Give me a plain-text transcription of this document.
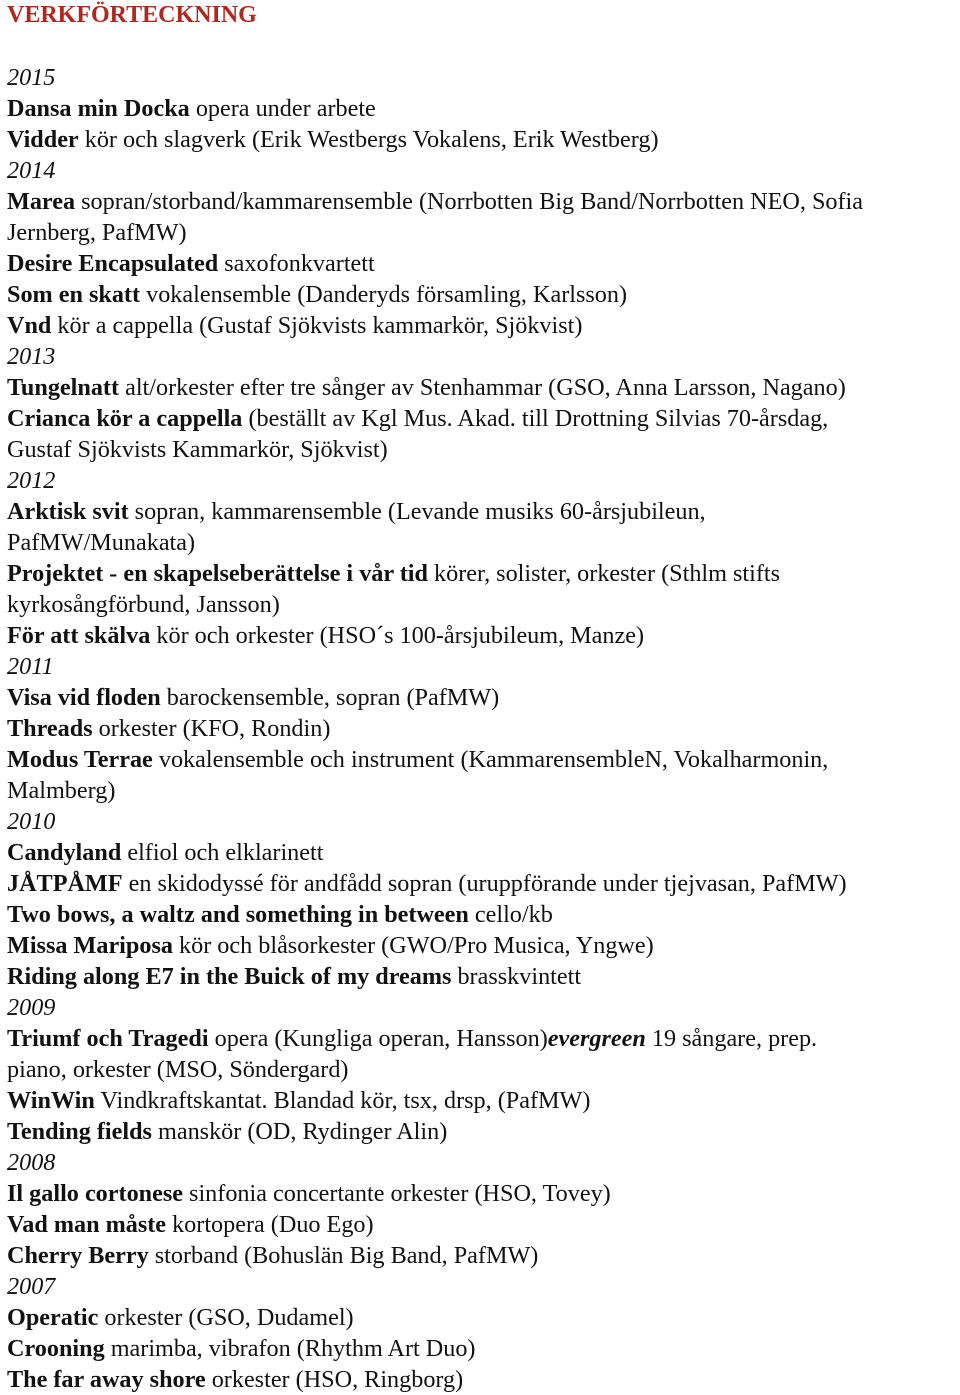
VERKFÖRTECKNING
2015
Dansa min Docka opera under arbete
Vidder kör och slagverk (Erik Westbergs Vokalens, Erik Westberg)
2014
Marea sopran/storband/kammarensemble (Norrbotten Big Band/Norrbotten NEO, Sofia
Jernberg, PafMW)
Desire Encapsulated saxofonkvartett
Som en skatt vokalensemble (Danderyds församling, Karlsson)
Vnd kör a cappella (Gustaf Sjökvists kammarkör, Sjökvist)
2013
Tungelnatt alt/orkester efter tre sånger av Stenhammar (GSO, Anna Larsson, Nagano)
Crianca kör a cappella (beställt av Kgl Mus. Akad. till Drottning Silvias 70-årsdag,
Gustaf Sjökvists Kammarkör, Sjökvist)
2012
Arktisk svit sopran, kammarensemble (Levande musiks 60-årsjubileun,
PafMW/Munakata)
Projektet - en skapelseberättelse i vår tid körer, solister, orkester (Sthlm stifts
kyrkosångförbund, Jansson)
För att skälva kör och orkester (HSO´s 100-årsjubileum, Manze)
2011
Visa vid floden barockensemble, sopran (PafMW)
Threads orkester (KFO, Rondin)
Modus Terrae vokalensemble och instrument (KammarensembleN, Vokalharmonin,
Malmberg)
2010
Candyland elfiol och elklarinett
JÅTPÅMF en skidodyssé för andfådd sopran (uruppförande under tjejvasan, PafMW)
Two bows, a waltz and something in between cello/kb
Missa Mariposa kör och blåsorkester (GWO/Pro Musica, Yngwe)
Riding along E7 in the Buick of my dreams brasskvintett
2009
Triumf och Tragedi opera (Kungliga operan, Hansson)evergreen 19 sångare, prep.
piano, orkester (MSO, Söndergard)
WinWin Vindkraftskantat. Blandad kör, tsx, drsp, (PafMW)
Tending fields manskör (OD, Rydinger Alin)
2008
Il gallo cortonese sinfonia concertante orkester (HSO, Tovey)
Vad man måste kortopera (Duo Ego)
Cherry Berry storband (Bohuslän Big Band, PafMW)
2007
Operatic orkester (GSO, Dudamel)
Crooning marimba, vibrafon (Rhythm Art Duo)
The far away shore orkester (HSO, Ringborg)
